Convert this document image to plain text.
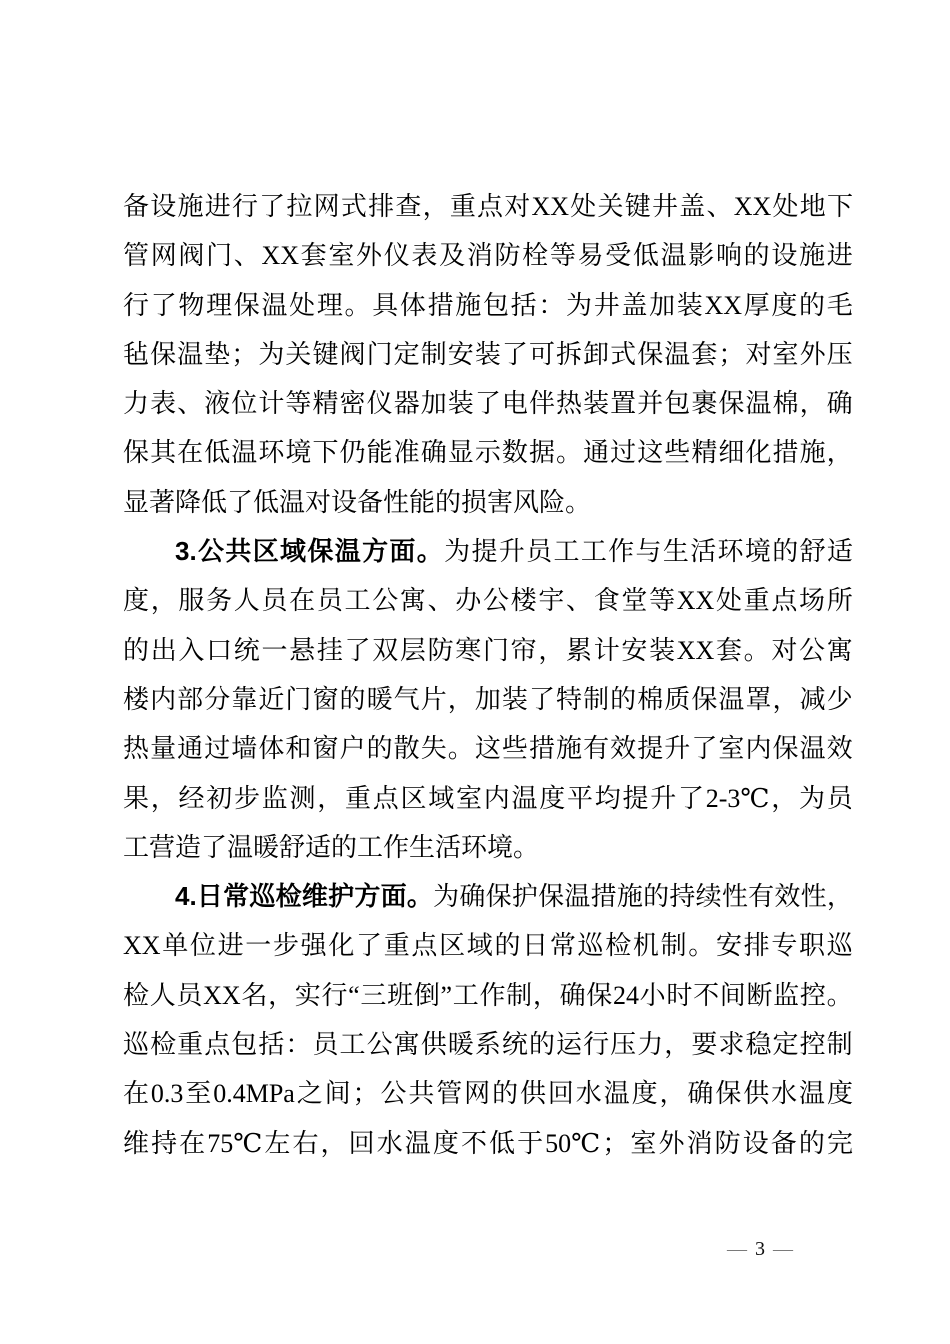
备 设 施 进 行 了 拉 网 式 排 查 ， 重 点 对 XX 处 关 键 井 盖 、 XX 处 地 下
管 网 阀 门 、 XX 套 室 外 仪 表 及 消 防 栓 等 易 受 低 温 影 响 的 设 施 进
行 了 物 理 保 温 处 理 。 具 体 措 施 包 括 ： 为 井 盖 加 装 XX 厚 度 的 毛
毡 保 温 垫 ； 为 关 键 阀 门 定 制 安 装 了 可 拆 卸 式 保 温 套 ； 对 室 外 压
力 表 、 液 位 计 等 精 密 仪 器 加 装 了 电 伴 热 装 置 并 包 裹 保 温 棉 ， 确
保 其 在 低 温 环 境 下 仍 能 准 确 显 示 数 据 。 通 过 这 些 精 细 化 措 施 ，
显著降低了低温对设备性能的损害风险。
3. 公 共 区 域 保 温 方 面 。 为 提 升 员 工 工 作 与 生 活 环 境 的 舒 适
度 ， 服 务 人 员 在 员 工 公 寓 、 办 公 楼 宇 、 食 堂 等 XX 处 重 点 场 所
的 出 入 口 统 一 悬 挂 了 双 层 防 寒 门 帘 ， 累 计 安 装 XX 套 。 对 公 寓
楼 内 部 分 靠 近 门 窗 的 暖 气 片 ， 加 装 了 特 制 的 棉 质 保 温 罩 ， 减 少
热 量 通 过 墙 体 和 窗 户 的 散 失 。 这 些 措 施 有 效 提 升 了 室 内 保 温 效
果 ， 经 初 步 监 测 ， 重 点 区 域 室 内 温 度 平 均 提 升 了 2-3℃ ， 为 员
工营造了温暖舒适的工作生活环境。
4. 日 常 巡 检 维 护 方 面 。 为 确 保 护 保 温 措 施 的 持 续 性 有 效 性 ，
XX 单 位 进 一 步 强 化 了 重 点 区 域 的 日 常 巡 检 机 制 。 安 排 专 职 巡
检 人 员 XX 名 ， 实 行 “ 三 班 倒 ” 工 作 制 ， 确 保 24 小 时 不 间 断 监 控 。
巡 检 重 点 包 括 ： 员 工 公 寓 供 暖 系 统 的 运 行 压 力 ， 要 求 稳 定 控 制
在 0.3 至 0.4MPa 之 间 ； 公 共 管 网 的 供 回 水 温 度 ， 确 保 供 水 温 度
维 持 在 75℃ 左 右 ， 回 水 温 度 不 低 于 50℃ ； 室 外 消 防 设 备 的 完
— 3 —
